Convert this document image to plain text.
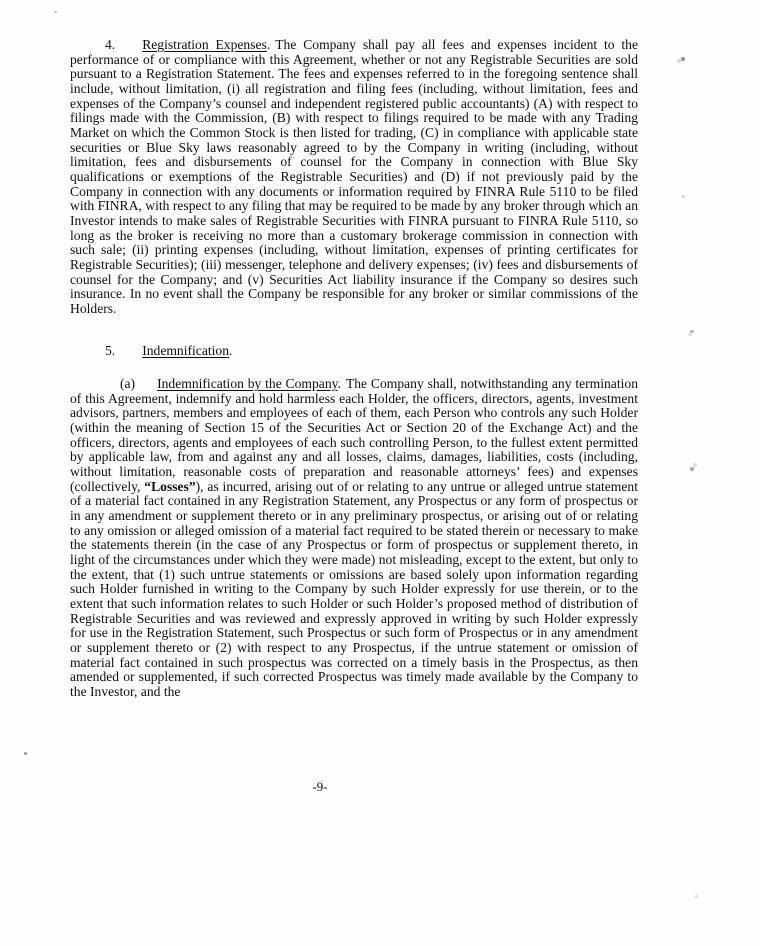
4. Registration Expenses. The Company shall pay all fees and expenses incident to the performance of or compliance with this Agreement, whether or not any Registrable Securities are sold pursuant to a Registration Statement. The fees and expenses referred to in the foregoing sentence shall include, without limitation, (i) all registration and filing fees (including, without limitation, fees and expenses of the Company’s counsel and independent registered public accountants) (A) with respect to filings made with the Commission, (B) with respect to filings required to be made with any Trading Market on which the Common Stock is then listed for trading, (C) in compliance with applicable state securities or Blue Sky laws reasonably agreed to by the Company in writing (including, without limitation, fees and disbursements of counsel for the Company in connection with Blue Sky qualifications or exemptions of the Registrable Securities) and (D) if not previously paid by the Company in connection with any documents or information required by FINRA Rule 5110 to be filed with FINRA, with respect to any filing that may be required to be made by any broker through which an Investor intends to make sales of Registrable Securities with FINRA pursuant to FINRA Rule 5110, so long as the broker is receiving no more than a customary brokerage commission in connection with such sale; (ii) printing expenses (including, without limitation, expenses of printing certificates for Registrable Securities); (iii) messenger, telephone and delivery expenses; (iv) fees and disbursements of counsel for the Company; and (v) Securities Act liability insurance if the Company so desires such insurance. In no event shall the Company be responsible for any broker or similar commissions of the Holders.

5. Indemnification.

(a) Indemnification by the Company. The Company shall, notwithstanding any termination of this Agreement, indemnify and hold harmless each Holder, the officers, directors, agents, investment advisors, partners, members and employees of each of them, each Person who controls any such Holder (within the meaning of Section 15 of the Securities Act or Section 20 of the Exchange Act) and the officers, directors, agents and employees of each such controlling Person, to the fullest extent permitted by applicable law, from and against any and all losses, claims, damages, liabilities, costs (including, without limitation, reasonable costs of preparation and reasonable attorneys’ fees) and expenses (collectively, “Losses”), as incurred, arising out of or relating to any untrue or alleged untrue statement of a material fact contained in any Registration Statement, any Prospectus or any form of prospectus or in any amendment or supplement thereto or in any preliminary prospectus, or arising out of or relating to any omission or alleged omission of a material fact required to be stated therein or necessary to make the statements therein (in the case of any Prospectus or form of prospectus or supplement thereto, in light of the circumstances under which they were made) not misleading, except to the extent, but only to the extent, that (1) such untrue statements or omissions are based solely upon information regarding such Holder furnished in writing to the Company by such Holder expressly for use therein, or to the extent that such information relates to such Holder or such Holder’s proposed method of distribution of Registrable Securities and was reviewed and expressly approved in writing by such Holder expressly for use in the Registration Statement, such Prospectus or such form of Prospectus or in any amendment or supplement thereto or (2) with respect to any Prospectus, if the untrue statement or omission of material fact contained in such prospectus was corrected on a timely basis in the Prospectus, as then amended or supplemented, if such corrected Prospectus was timely made available by the Company to the Investor, and the

-9-
